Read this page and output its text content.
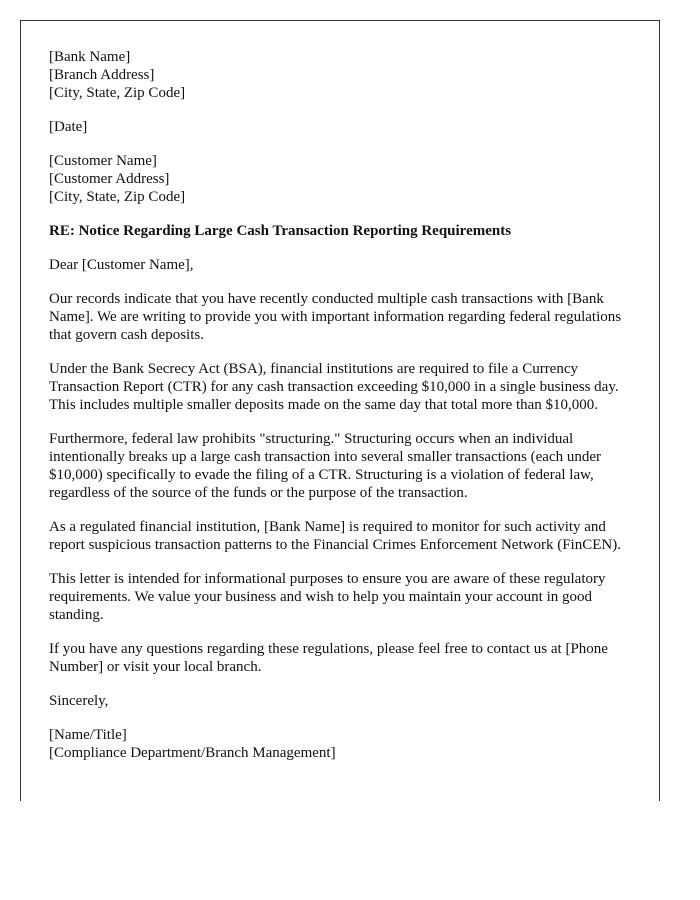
[Bank Name]
[Branch Address]
[City, State, Zip Code]
[Date]
[Customer Name]
[Customer Address]
[City, State, Zip Code]
RE: Notice Regarding Large Cash Transaction Reporting Requirements

Dear [Customer Name],

Our records indicate that you have recently conducted multiple cash transactions with [Bank Name]. We are writing to provide you with important information regarding federal regulations that govern cash deposits.

Under the Bank Secrecy Act (BSA), financial institutions are required to file a Currency Transaction Report (CTR) for any cash transaction exceeding $10,000 in a single business day. This includes multiple smaller deposits made on the same day that total more than $10,000.

Furthermore, federal law prohibits "structuring." Structuring occurs when an individual intentionally breaks up a large cash transaction into several smaller transactions (each under $10,000) specifically to evade the filing of a CTR. Structuring is a violation of federal law, regardless of the source of the funds or the purpose of the transaction.

As a regulated financial institution, [Bank Name] is required to monitor for such activity and report suspicious transaction patterns to the Financial Crimes Enforcement Network (FinCEN).

This letter is intended for informational purposes to ensure you are aware of these regulatory requirements. We value your business and wish to help you maintain your account in good standing.

If you have any questions regarding these regulations, please feel free to contact us at [Phone Number] or visit your local branch.

Sincerely,

[Name/Title]
[Compliance Department/Branch Management]
